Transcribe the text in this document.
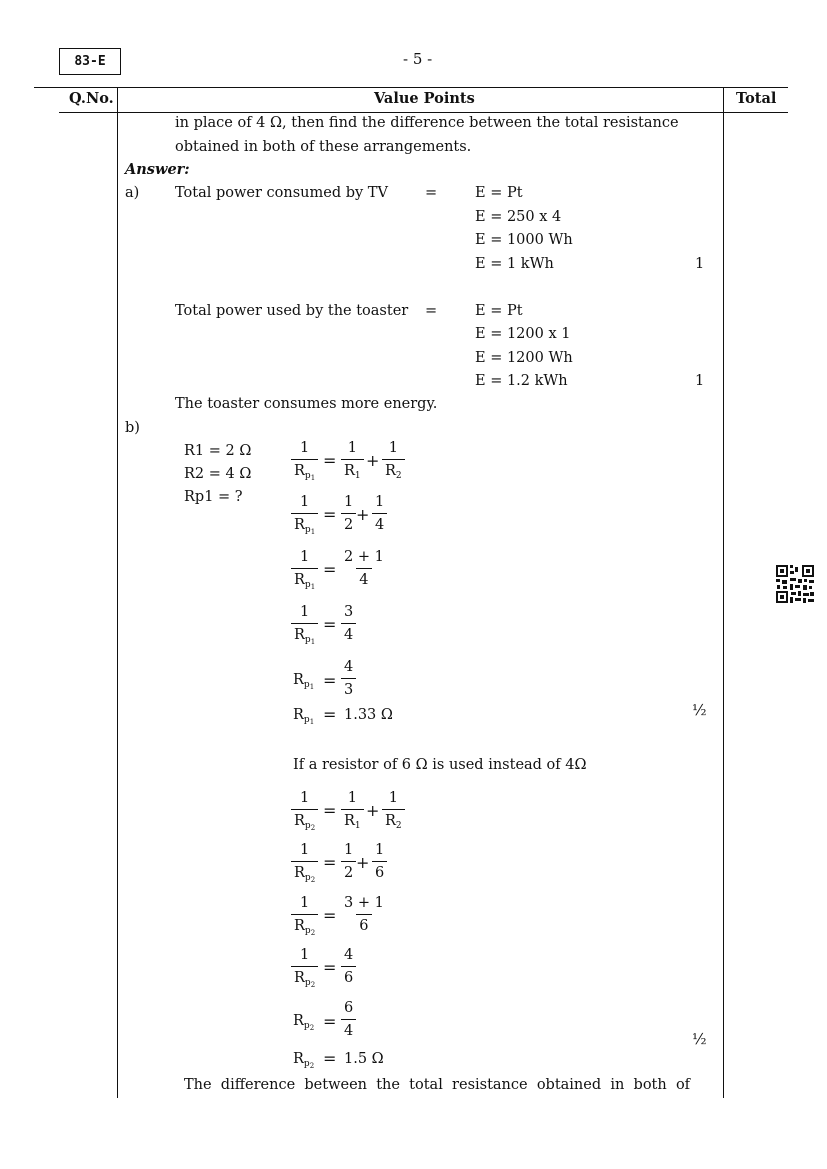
83-E	- 5 -
Q.No.	Value Points	Total
in place of 4 Ω, then find the difference between the total resistance
obtained in both of these arrangements.
Answer:
a) Total power consumed by TV	=	E = Pt
E = 250 x 4
E = 1000 Wh
E = 1 kWh	1
Total power used by the toaster =	E = Pt
E = 1200 x 1
E = 1200 Wh
E = 1.2 kWh	1
The toaster consumes more energy.
b)
R1 = 2 Ω
R2 = 4 Ω
Rp1 = ?
$\frac{1}{R_{p_1}} = \frac{1}{R_1} + \frac{1}{R_2}$
$\frac{1}{R_{p_1}} = \frac{1}{2} + \frac{1}{4}$
$\frac{1}{R_{p_1}} = \frac{2 + 1}{4}$
$\frac{1}{R_{p_1}} = \frac{3}{4}$
$R_{p_1} = \frac{4}{3}$
$R_{p_1} = 1.33$ Ω	½
If a resistor of 6 Ω is used instead of 4Ω
$\frac{1}{R_{p_2}} = \frac{1}{R_1} + \frac{1}{R_2}$
$\frac{1}{R_{p_2}} = \frac{1}{2} + \frac{1}{6}$
$\frac{1}{R_{p_2}} = \frac{3 + 1}{6}$
$\frac{1}{R_{p_2}} = \frac{4}{6}$
$R_{p_2} = \frac{6}{4}$
½
$R_{p_2} = 1.5$ Ω
The  difference  between  the  total  resistance  obtained  in  both  of
